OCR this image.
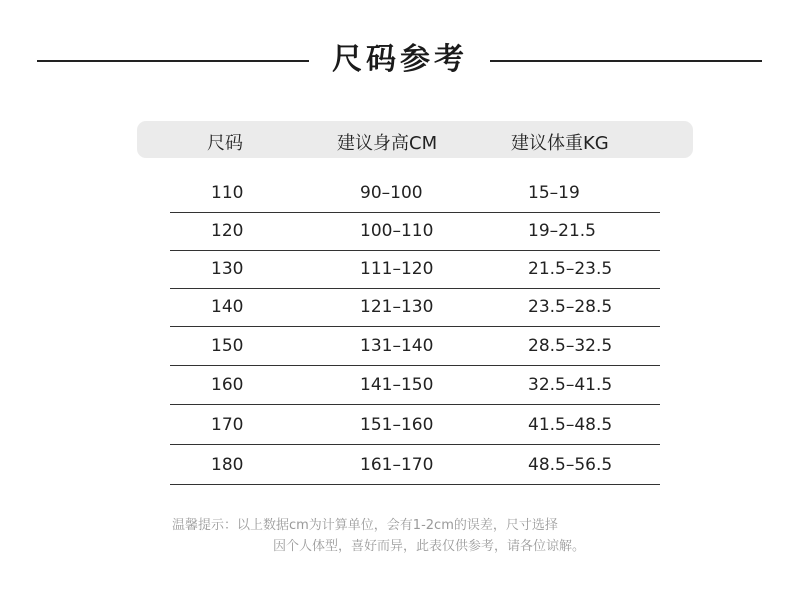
尺码参考
尺码	建议身高CM	建议体重KG
110	90–100	15–19
120	100–110	19–21.5
130	111–120	21.5–23.5
140	121–130	23.5–28.5
150	131–140	28.5–32.5
160	141–150	32.5–41.5
170	151–160	41.5–48.5
180	161–170	48.5–56.5
温馨提示：以上数据cm为计算单位，会有1-2cm的误差，尺寸选择
因个人体型，喜好而异，此表仅供参考，请各位谅解。
